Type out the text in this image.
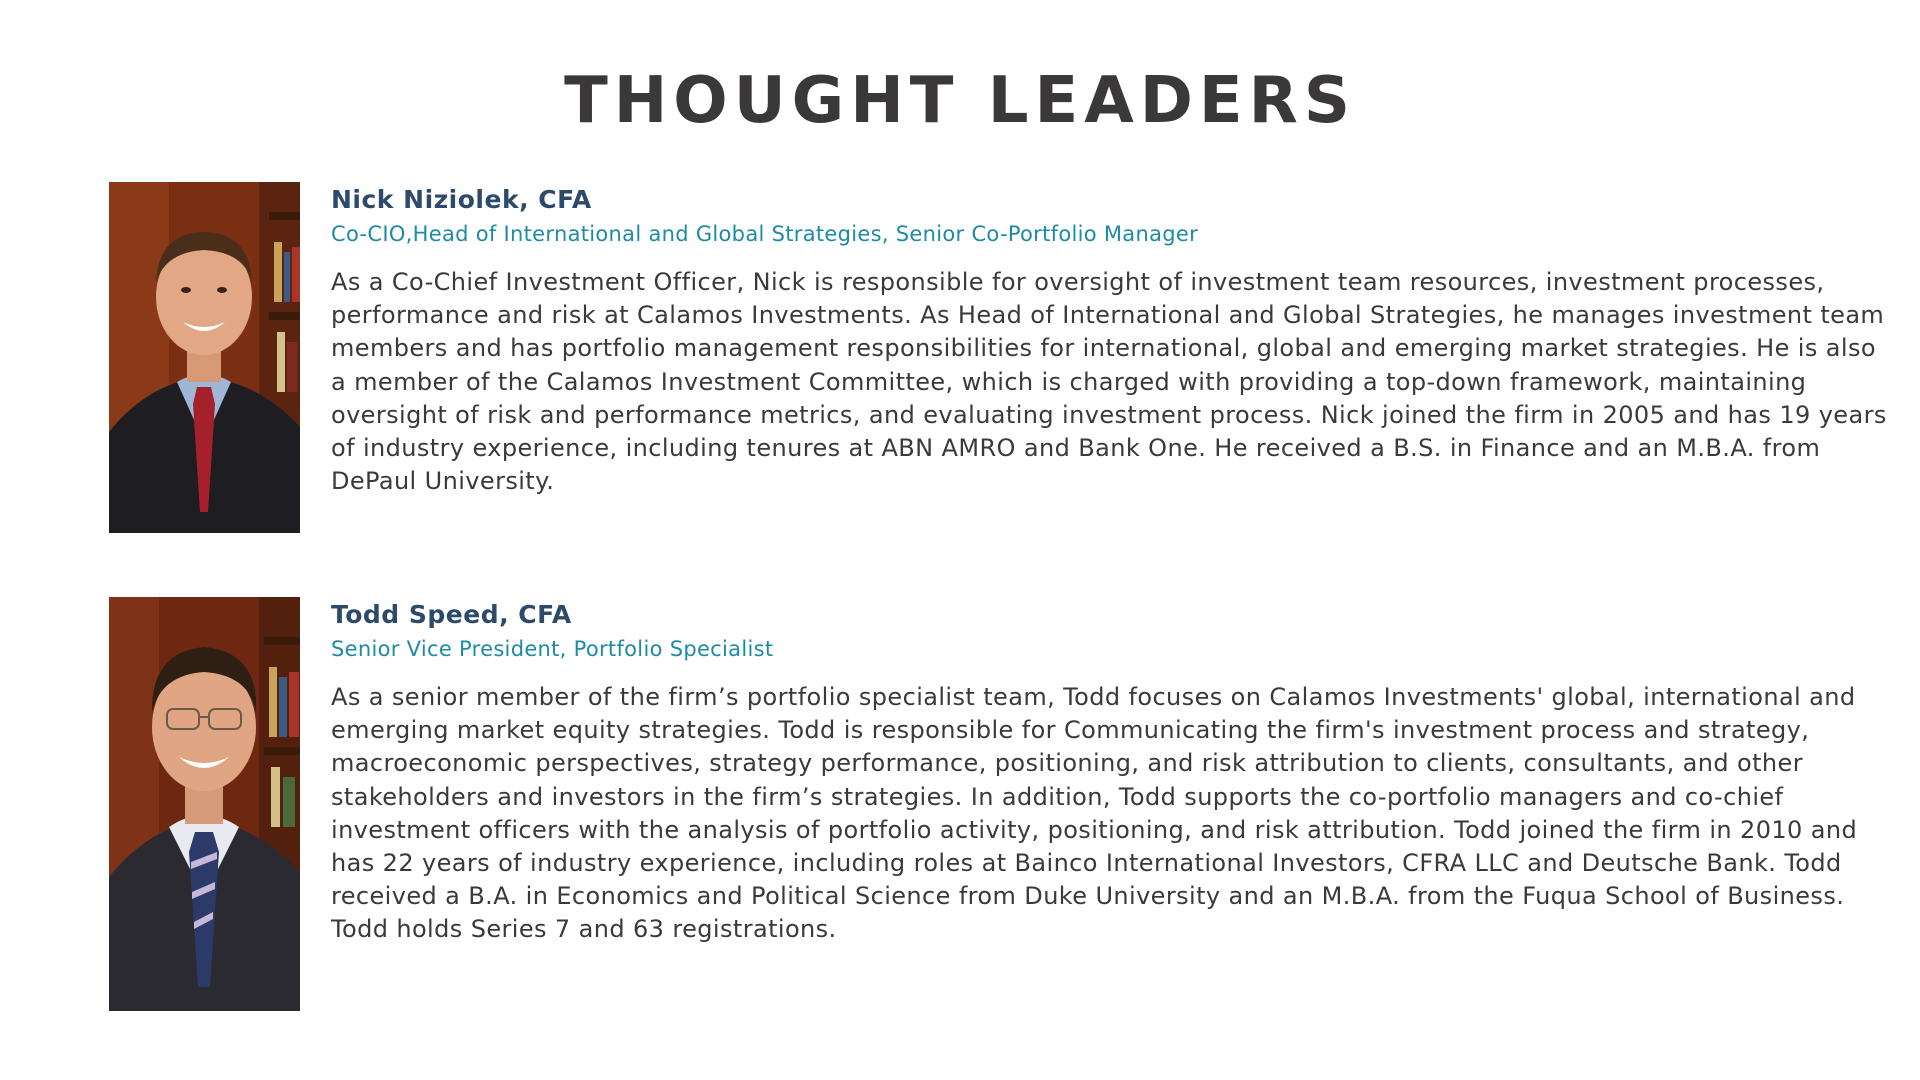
THOUGHT LEADERS
Nick Niziolek, CFA
Co-CIO,Head of International and Global Strategies, Senior Co-Portfolio Manager

As a Co-Chief Investment Officer, Nick is responsible for oversight of investment team resources, investment processes, performance and risk at Calamos Investments. As Head of International and Global Strategies, he manages investment team members and has portfolio management responsibilities for international, global and emerging market strategies. He is also a member of the Calamos Investment Committee, which is charged with providing a top-down framework, maintaining oversight of risk and performance metrics, and evaluating investment process. Nick joined the firm in 2005 and has 19 years of industry experience, including tenures at ABN AMRO and Bank One. He received a B.S. in Finance and an M.B.A. from DePaul University.

Todd Speed, CFA
Senior Vice President, Portfolio Specialist

As a senior member of the firm’s portfolio specialist team, Todd focuses on Calamos Investments' global, international and emerging market equity strategies. Todd is responsible for Communicating the firm's investment process and strategy, macroeconomic perspectives, strategy performance, positioning, and risk attribution to clients, consultants, and other stakeholders and investors in the firm’s strategies. In addition, Todd supports the co-portfolio managers and co-chief investment officers with the analysis of portfolio activity, positioning, and risk attribution. Todd joined the firm in 2010 and has 22 years of industry experience, including roles at Bainco International Investors, CFRA LLC and Deutsche Bank. Todd received a B.A. in Economics and Political Science from Duke University and an M.B.A. from the Fuqua School of Business. Todd holds Series 7 and 63 registrations.
